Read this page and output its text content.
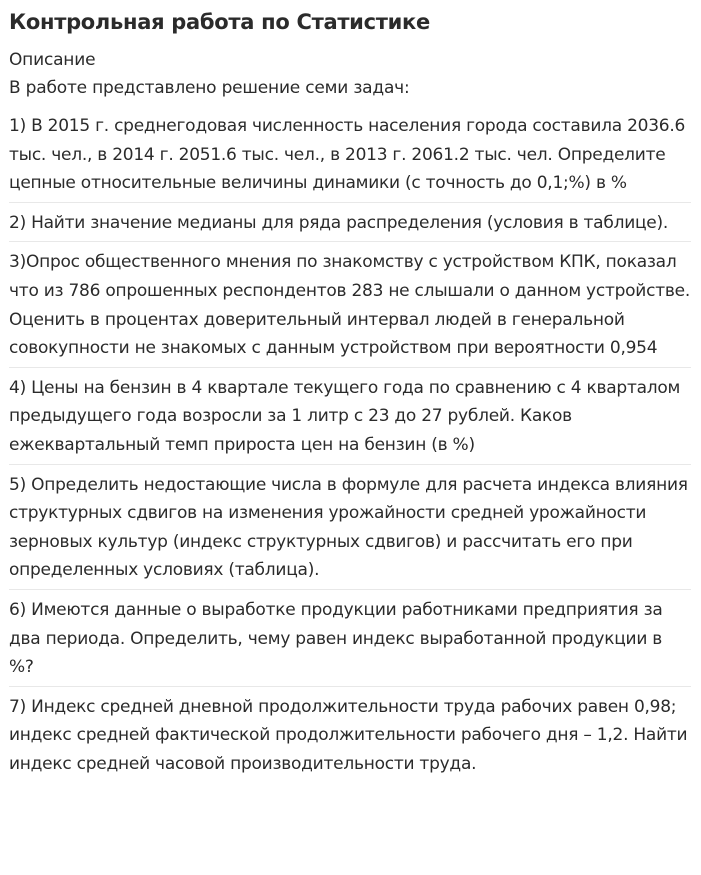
Контрольная работа по Статистике
Описание
В работе представлено решение семи задач:

1) В 2015 г. среднегодовая численность населения города составила 2036.6 тыс. чел., в 2014 г. 2051.6 тыс. чел., в 2013 г. 2061.2 тыс. чел. Определите цепные относительные величины динамики (с точность до 0,1;%) в %

2) Найти значение медианы для ряда распределения (условия в таблице).

3)Опрос общественного мнения по знакомству с устройством КПК, показал что из 786 опрошенных респондентов 283 не слышали о данном устройстве. Оценить в процентах доверительный интервал людей в генеральной совокупности не знакомых с данным устройством при вероятности 0,954

4) Цены на бензин в 4 квартале текущего года по сравнению с 4 кварталом предыдущего года возросли за 1 литр с 23 до 27 рублей. Каков ежеквартальный темп прироста цен на бензин (в %)

5) Определить недостающие числа в формуле для расчета индекса влияния структурных сдвигов на изменения урожайности средней урожайности зерновых культур (индекс структурных сдвигов) и рассчитать его при определенных условиях (таблица).

6) Имеются данные о выработке продукции работниками предприятия за два периода. Определить, чему равен индекс выработанной продукции в %?

7) Индекс средней дневной продолжительности труда рабочих равен 0,98; индекс средней фактической продолжительности рабочего дня – 1,2. Найти индекс средней часовой производительности труда.
